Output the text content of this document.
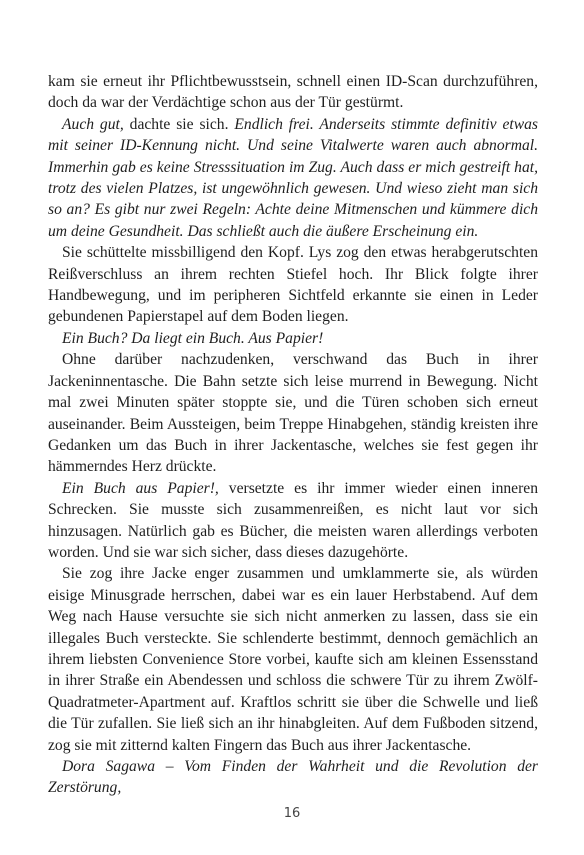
kam sie erneut ihr Pflichtbewusstsein, schnell einen ID-Scan durchzuführen, doch da war der Verdächtige schon aus der Tür gestürmt.

Auch gut, dachte sie sich. Endlich frei. Anderseits stimmte definitiv etwas mit seiner ID-Kennung nicht. Und seine Vitalwerte waren auch abnormal. Immerhin gab es keine Stresssituation im Zug. Auch dass er mich gestreift hat, trotz des vielen Platzes, ist ungewöhnlich gewesen. Und wieso zieht man sich so an? Es gibt nur zwei Regeln: Achte deine Mitmenschen und kümmere dich um deine Gesundheit. Das schließt auch die äußere Erscheinung ein.

Sie schüttelte missbilligend den Kopf. Lys zog den etwas herabgerutschten Reißverschluss an ihrem rechten Stiefel hoch. Ihr Blick folgte ihrer Handbewegung, und im peripheren Sichtfeld erkannte sie einen in Leder gebundenen Papierstapel auf dem Boden liegen.

Ein Buch? Da liegt ein Buch. Aus Papier!

Ohne darüber nachzudenken, verschwand das Buch in ihrer Jackeninnentasche. Die Bahn setzte sich leise murrend in Bewegung. Nicht mal zwei Minuten später stoppte sie, und die Türen schoben sich erneut auseinander. Beim Aussteigen, beim Treppe Hinabgehen, ständig kreisten ihre Gedanken um das Buch in ihrer Jackentasche, welches sie fest gegen ihr hämmerndes Herz drückte.

Ein Buch aus Papier!, versetzte es ihr immer wieder einen inneren Schrecken. Sie musste sich zusammenreißen, es nicht laut vor sich hinzusagen. Natürlich gab es Bücher, die meisten waren allerdings verboten worden. Und sie war sich sicher, dass dieses dazugehörte.

Sie zog ihre Jacke enger zusammen und umklammerte sie, als würden eisige Minusgrade herrschen, dabei war es ein lauer Herbstabend. Auf dem Weg nach Hause versuchte sie sich nicht anmerken zu lassen, dass sie ein illegales Buch versteckte. Sie schlenderte bestimmt, dennoch gemächlich an ihrem liebsten Convenience Store vorbei, kaufte sich am kleinen Essensstand in ihrer Straße ein Abendessen und schloss die schwere Tür zu ihrem Zwölf-Quadratmeter-Apartment auf. Kraftlos schritt sie über die Schwelle und ließ die Tür zufallen. Sie ließ sich an ihr hinabgleiten. Auf dem Fußboden sitzend, zog sie mit zitternd kalten Fingern das Buch aus ihrer Jackentasche.

Dora Sagawa – Vom Finden der Wahrheit und die Revolution der Zerstörung,

16
